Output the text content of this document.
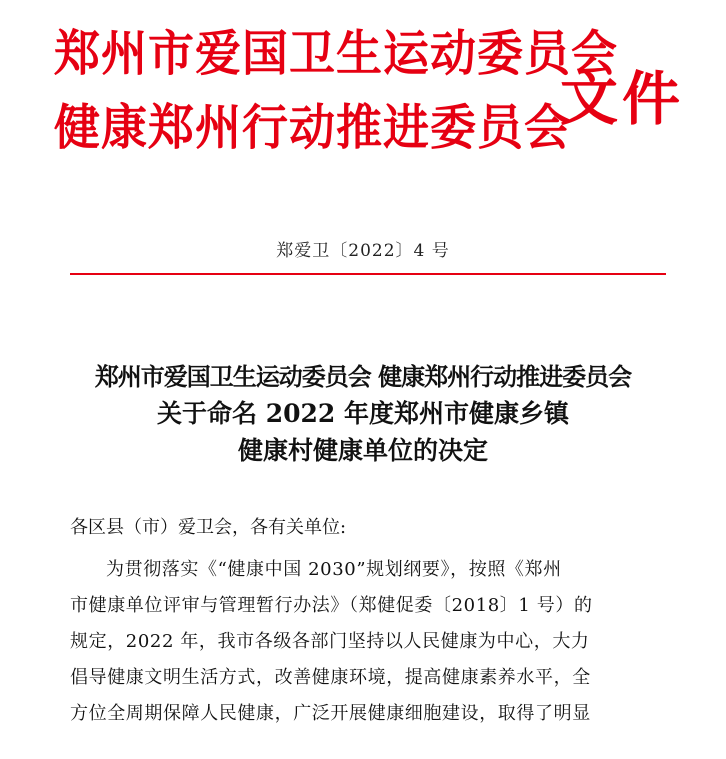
郑州市爱国卫生运动委员会
健康郑州行动推进委员会
文件
郑爱卫〔2022〕4 号
郑州市爱国卫生运动委员会 健康郑州行动推进委员会
关于命名 2022 年度郑州市健康乡镇
健康村健康单位的决定
各区县（市）爱卫会，各有关单位:
为贯彻落实《“健康中国 2030”规划纲要》，按照《郑州
市健康单位评审与管理暂行办法》（郑健促委〔2018〕1 号）的
规定，2022 年，我市各级各部门坚持以人民健康为中心，大力
倡导健康文明生活方式，改善健康环境，提高健康素养水平，全
方位全周期保障人民健康，广泛开展健康细胞建设，取得了明显
